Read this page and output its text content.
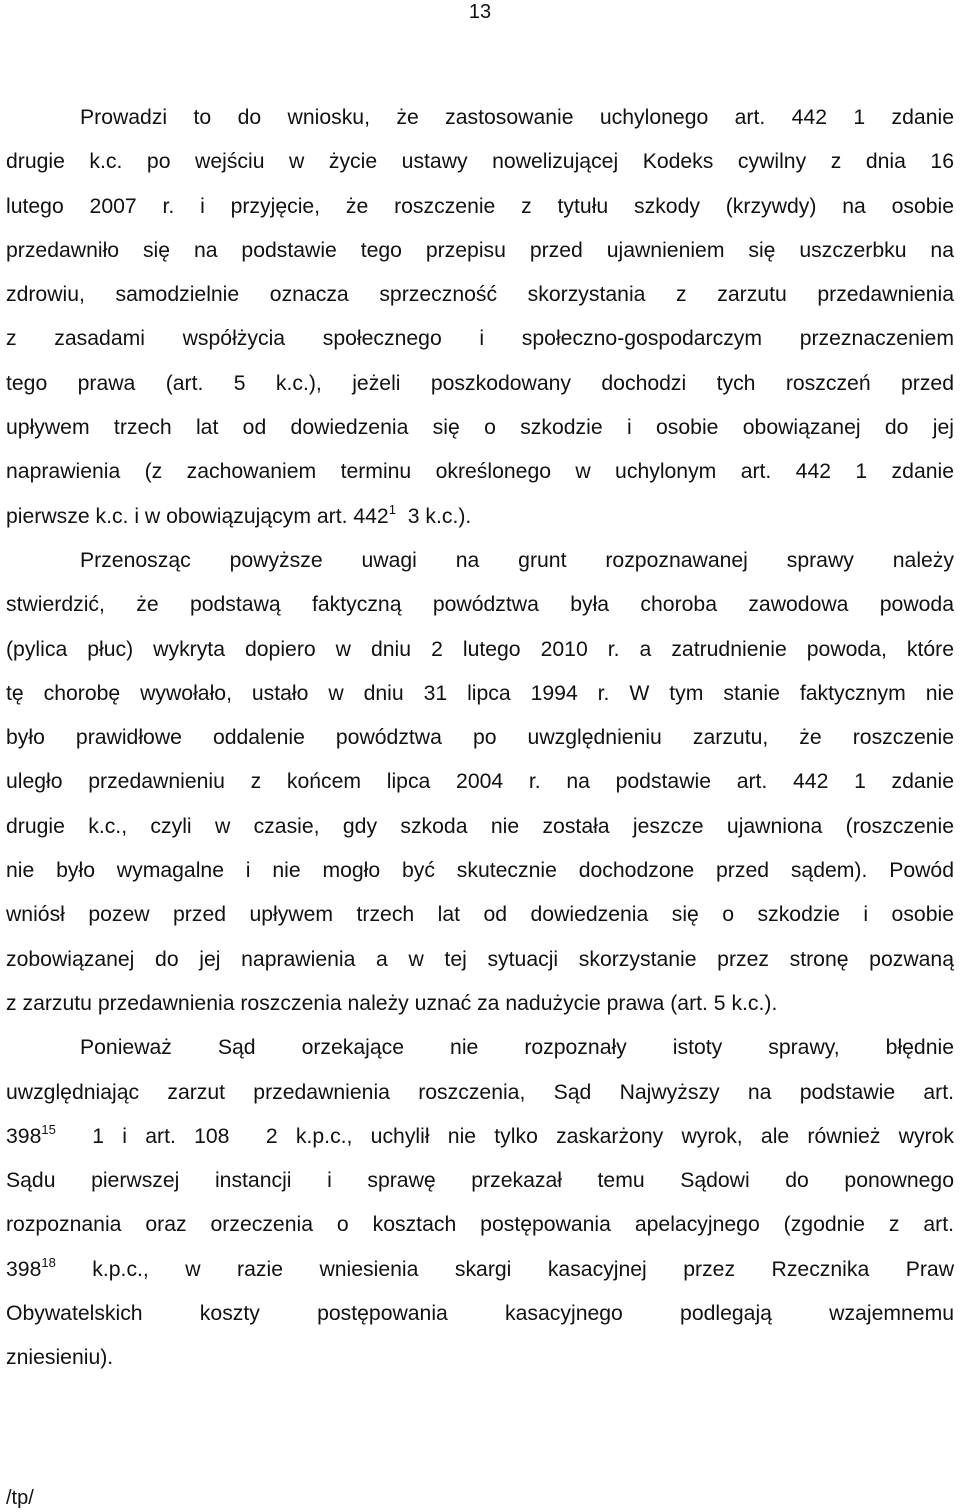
13
Prowadzi to do wniosku, że zastosowanie uchylonego art. 442 1 zdanie
drugie k.c. po wejściu w życie ustawy nowelizującej Kodeks cywilny z dnia 16
lutego 2007 r. i przyjęcie, że roszczenie z tytułu szkody (krzywdy) na osobie
przedawniło się na podstawie tego przepisu przed ujawnieniem się uszczerbku na
zdrowiu, samodzielnie oznacza sprzeczność skorzystania z zarzutu przedawnienia
z zasadami współżycia społecznego i społeczno-gospodarczym przeznaczeniem
tego prawa (art. 5 k.c.), jeżeli poszkodowany dochodzi tych roszczeń przed
upływem trzech lat od dowiedzenia się o szkodzie i osobie obowiązanej do jej
naprawienia (z zachowaniem terminu określonego w uchylonym art. 442 1 zdanie
pierwsze k.c. i w obowiązującym art. $442^1$  3 k.c.).
Przenosząc powyższe uwagi na grunt rozpoznawanej sprawy należy
stwierdzić, że podstawą faktyczną powództwa była choroba zawodowa powoda
(pylica płuc) wykryta dopiero w dniu 2 lutego 2010 r. a zatrudnienie powoda, które
tę chorobę wywołało, ustało w dniu 31 lipca 1994 r. W tym stanie faktycznym nie
było prawidłowe oddalenie powództwa po uwzględnieniu zarzutu, że roszczenie
uległo przedawnieniu z końcem lipca 2004 r. na podstawie art. 442 1 zdanie
drugie k.c., czyli w czasie, gdy szkoda nie została jeszcze ujawniona (roszczenie
nie było wymagalne i nie mogło być skutecznie dochodzone przed sądem). Powód
wniósł pozew przed upływem trzech lat od dowiedzenia się o szkodzie i osobie
zobowiązanej do jej naprawienia a w tej sytuacji skorzystanie przez stronę pozwaną
z zarzutu przedawnienia roszczenia należy uznać za nadużycie prawa (art. 5 k.c.).
Ponieważ Sąd orzekające nie rozpoznały istoty sprawy, błędnie
uwzględniając zarzut przedawnienia roszczenia, Sąd Najwyższy na podstawie art.
$398^{15}$  1 i art. 108  2 k.p.c., uchylił nie tylko zaskarżony wyrok, ale również wyrok
Sądu pierwszej instancji i sprawę przekazał temu Sądowi do ponownego
rozpoznania oraz orzeczenia o kosztach postępowania apelacyjnego (zgodnie z art.
$398^{18}$ k.p.c., w razie wniesienia skargi kasacyjnej przez Rzecznika Praw
Obywatelskich koszty postępowania kasacyjnego podlegają wzajemnemu
zniesieniu).
/tp/
